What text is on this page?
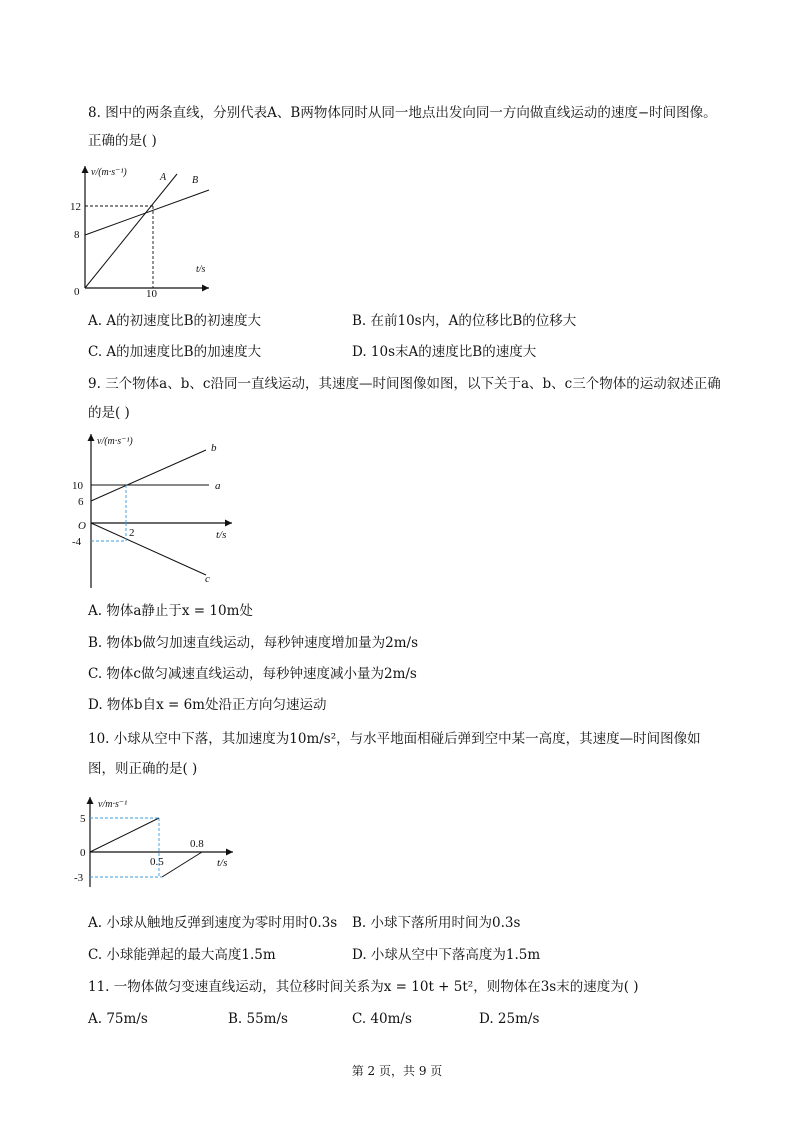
8. 图中的两条直线，分别代表A、B两物体同时从同一地点出发向同一方向做直线运动的速度−时间图像。
正确的是( )
v/(m·s⁻¹)
t/s
0
12
8
10
A	B
A. A的初速度比B的初速度大	B. 在前10s内，A的位移比B的位移大
C. A的加速度比B的加速度大	D. 10s末A的速度比B的速度大
9. 三个物体a、b、c沿同一直线运动，其速度—时间图像如图，以下关于a、b、c三个物体的运动叙述正确
的是( )
v/(m·s⁻¹)
t/s
O
10
6
-4
2
b
a
c
A. 物体a静止于x = 10m处
B. 物体b做匀加速直线运动，每秒钟速度增加量为2m/s
C. 物体c做匀减速直线运动，每秒钟速度减小量为2m/s
D. 物体b自x = 6m处沿正方向匀速运动
10. 小球从空中下落，其加速度为10m/s²，与水平地面相碰后弹到空中某一高度，其速度—时间图像如
图，则正确的是( )
v/m·s⁻¹
t/s
0
5
-3
0.5
0.8
A. 小球从触地反弹到速度为零时用时0.3s B. 小球下落所用时间为0.3s
C. 小球能弹起的最大高度1.5m	D. 小球从空中下落高度为1.5m
11. 一物体做匀变速直线运动，其位移时间关系为x = 10t + 5t²，则物体在3s末的速度为( )
A. 75m/s	B. 55m/s	C. 40m/s	D. 25m/s
第 2 页，共 9 页
